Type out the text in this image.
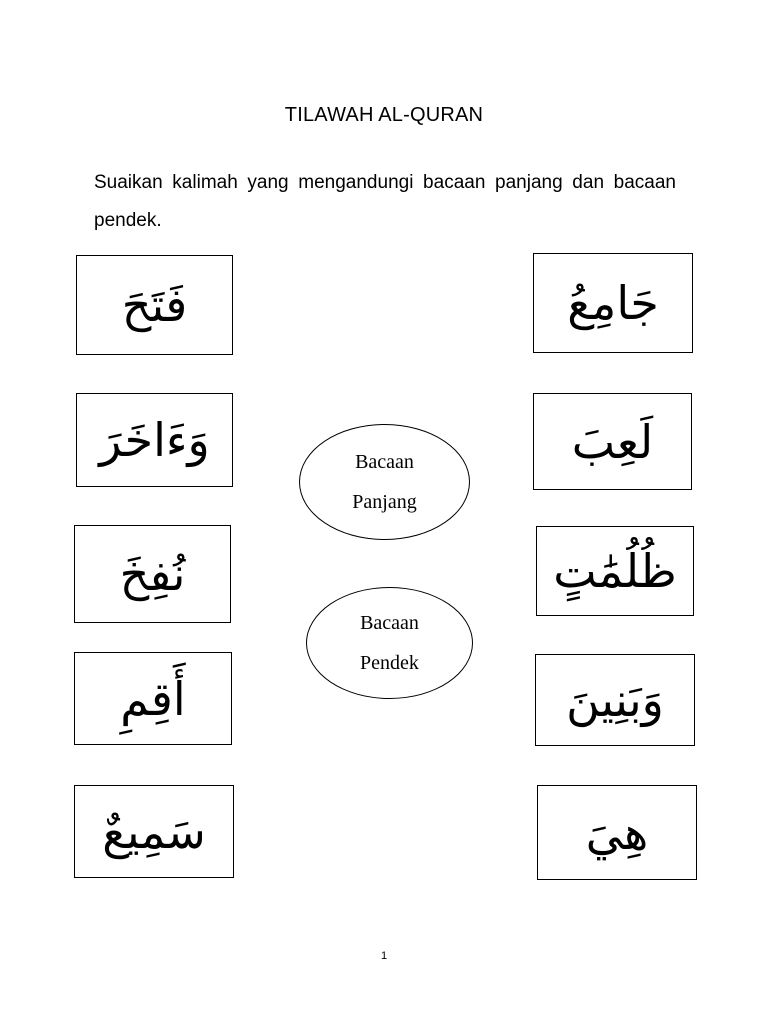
TILAWAH AL-QURAN
Suaikan kalimah yang mengandungi bacaan panjang dan bacaan pendek.
فَتَحَ
وَءَاخَرَ
نُفِخَ
أَقِمِ
سَمِيعٌ
جَامِعُ
لَعِبَ
ظُلُمَٰتٍ
وَبَنِينَ
هِيَ
Bacaan
Panjang
Bacaan
Pendek
1
